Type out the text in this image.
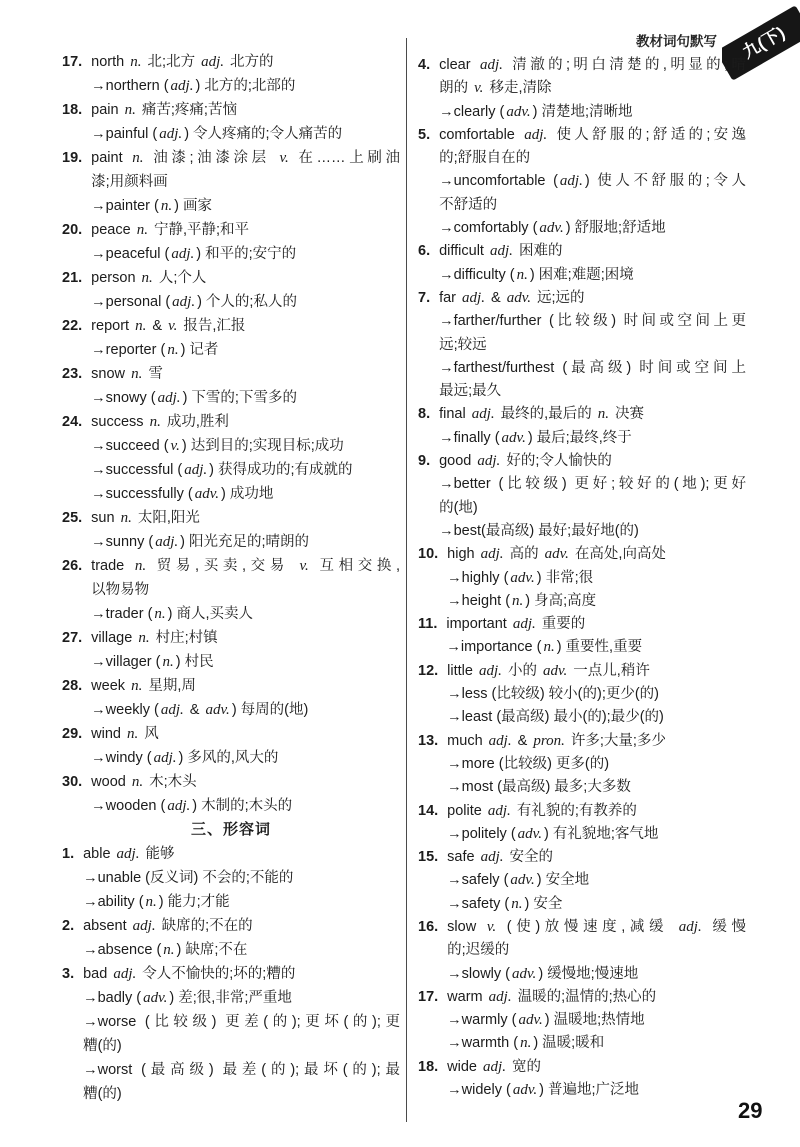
教材词句默写	九(下)
17. north n. 北;北方 adj. 北方的
→northern ( adj. ) 北方的;北部的
18. pain n. 痛苦;疼痛;苦恼
→painful ( adj. ) 令人疼痛的;令人痛苦的
19. paint n. 油漆;油漆涂层 v. 在……上刷油
漆;用颜料画
→painter ( n. ) 画家
20. peace n. 宁静,平静;和平
→peaceful ( adj. ) 和平的;安宁的
21. person n. 人;个人
→personal ( adj. ) 个人的;私人的
22. report n. & v. 报告,汇报
→reporter ( n. ) 记者
23. snow n. 雪
→snowy ( adj. ) 下雪的;下雪多的
24. success n. 成功,胜利
→succeed ( v. ) 达到目的;实现目标;成功
→successful ( adj. ) 获得成功的;有成就的
→successfully ( adv. ) 成功地
25. sun n. 太阳,阳光
→sunny ( adj. ) 阳光充足的;晴朗的
26. trade n. 贸易,买卖,交易 v. 互相交换,
以物易物
→trader ( n. ) 商人,买卖人
27. village n. 村庄;村镇
→villager ( n. ) 村民
28. week n. 星期,周
→weekly ( adj. & adv. ) 每周的(地)
29. wind n. 风
→windy ( adj. ) 多风的,风大的
30. wood n. 木;木头
→wooden ( adj. ) 木制的;木头的
三、形容词
1. able adj. 能够
→unable (反义词) 不会的;不能的
→ability ( n. ) 能力;才能
2. absent adj. 缺席的;不在的
→absence ( n. ) 缺席;不在
3. bad adj. 令人不愉快的;坏的;糟的
→badly ( adv. ) 差;很,非常;严重地
→worse (比较级) 更差(的);更坏(的);更
糟(的)
→worst (最高级) 最差(的);最坏(的);最
糟(的)
4. clear adj. 清澈的;明白清楚的,明显的;晴
朗的 v. 移走,清除
→clearly ( adv. ) 清楚地;清晰地
5. comfortable adj. 使人舒服的;舒适的;安逸
的;舒服自在的
→uncomfortable ( adj. ) 使人不舒服的;令人
不舒适的
→comfortably ( adv. ) 舒服地;舒适地
6. difficult adj. 困难的
→difficulty ( n. ) 困难;难题;困境
7. far adj. & adv. 远;远的
→farther/further (比较级) 时间或空间上更
远;较远
→farthest/furthest (最高级) 时间或空间上
最远;最久
8. final adj. 最终的,最后的 n. 决赛
→finally ( adv. ) 最后;最终,终于
9. good adj. 好的;令人愉快的
→better (比较级) 更好;较好的(地);更好
的(地)
→best(最高级) 最好;最好地(的)
10. high adj. 高的 adv. 在高处,向高处
→highly ( adv. ) 非常;很
→height ( n. ) 身高;高度
11. important adj. 重要的
→importance ( n. ) 重要性,重要
12. little adj. 小的 adv. 一点儿,稍许
→less (比较级) 较小(的);更少(的)
→least (最高级) 最小(的);最少(的)
13. much adj. & pron. 许多;大量;多少
→more (比较级) 更多(的)
→most (最高级) 最多;大多数
14. polite adj. 有礼貌的;有教养的
→politely ( adv. ) 有礼貌地;客气地
15. safe adj. 安全的
→safely ( adv. ) 安全地
→safety ( n. ) 安全
16. slow v. (使)放慢速度,减缓 adj. 缓慢
的;迟缓的
→slowly ( adv. ) 缓慢地;慢速地
17. warm adj. 温暖的;温情的;热心的
→warmly ( adv. ) 温暖地;热情地
→warmth ( n. ) 温暖;暖和
18. wide adj. 宽的
→widely ( adv. ) 普遍地;广泛地
29
